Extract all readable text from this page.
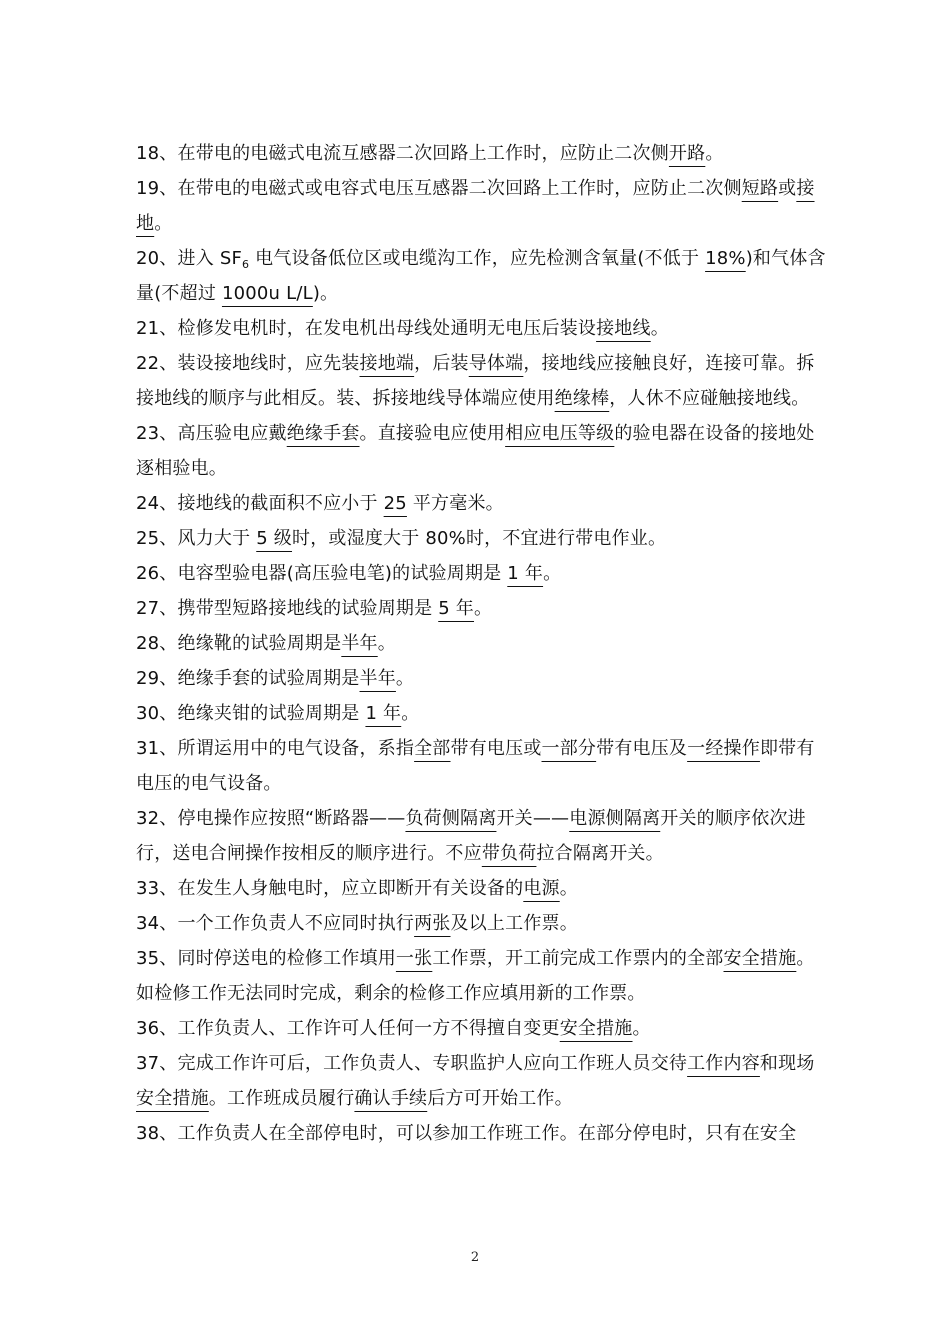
18、在带电的电磁式电流互感器二次回路上工作时，应防止二次侧开路。

19、在带电的电磁式或电容式电压互感器二次回路上工作时，应防止二次侧短路或接地。

20、进入 $SF_6$ 电气设备低位区或电缆沟工作，应先检测含氧量(不低于 18%)和气体含量(不超过 1000u L/L)。

21、检修发电机时，在发电机出母线处通明无电压后装设接地线。

22、装设接地线时，应先装接地端，后装导体端，接地线应接触良好，连接可靠。拆接地线的顺序与此相反。装、拆接地线导体端应使用绝缘棒，人休不应碰触接地线。

23、高压验电应戴绝缘手套。直接验电应使用相应电压等级的验电器在设备的接地处逐相验电。

24、接地线的截面积不应小于 25 平方毫米。

25、风力大于 5 级时，或湿度大于 80%时，不宜进行带电作业。

26、电容型验电器(高压验电笔)的试验周期是 1 年。

27、携带型短路接地线的试验周期是 5 年。

28、绝缘靴的试验周期是半年。

29、绝缘手套的试验周期是半年。

30、绝缘夹钳的试验周期是 1 年。

31、所谓运用中的电气设备，系指全部带有电压或一部分带有电压及一经操作即带有电压的电气设备。

32、停电操作应按照“断路器——负荷侧隔离开关——电源侧隔离开关的顺序依次进行，送电合闸操作按相反的顺序进行。不应带负荷拉合隔离开关。

33、在发生人身触电时，应立即断开有关设备的电源。

34、一个工作负责人不应同时执行两张及以上工作票。

35、同时停送电的检修工作填用一张工作票，开工前完成工作票内的全部安全措施。如检修工作无法同时完成，剩余的检修工作应填用新的工作票。

36、工作负责人、工作许可人任何一方不得擅自变更安全措施。

37、完成工作许可后，工作负责人、专职监护人应向工作班人员交待工作内容和现场安全措施。工作班成员履行确认手续后方可开始工作。

38、工作负责人在全部停电时，可以参加工作班工作。在部分停电时，只有在安全

2
